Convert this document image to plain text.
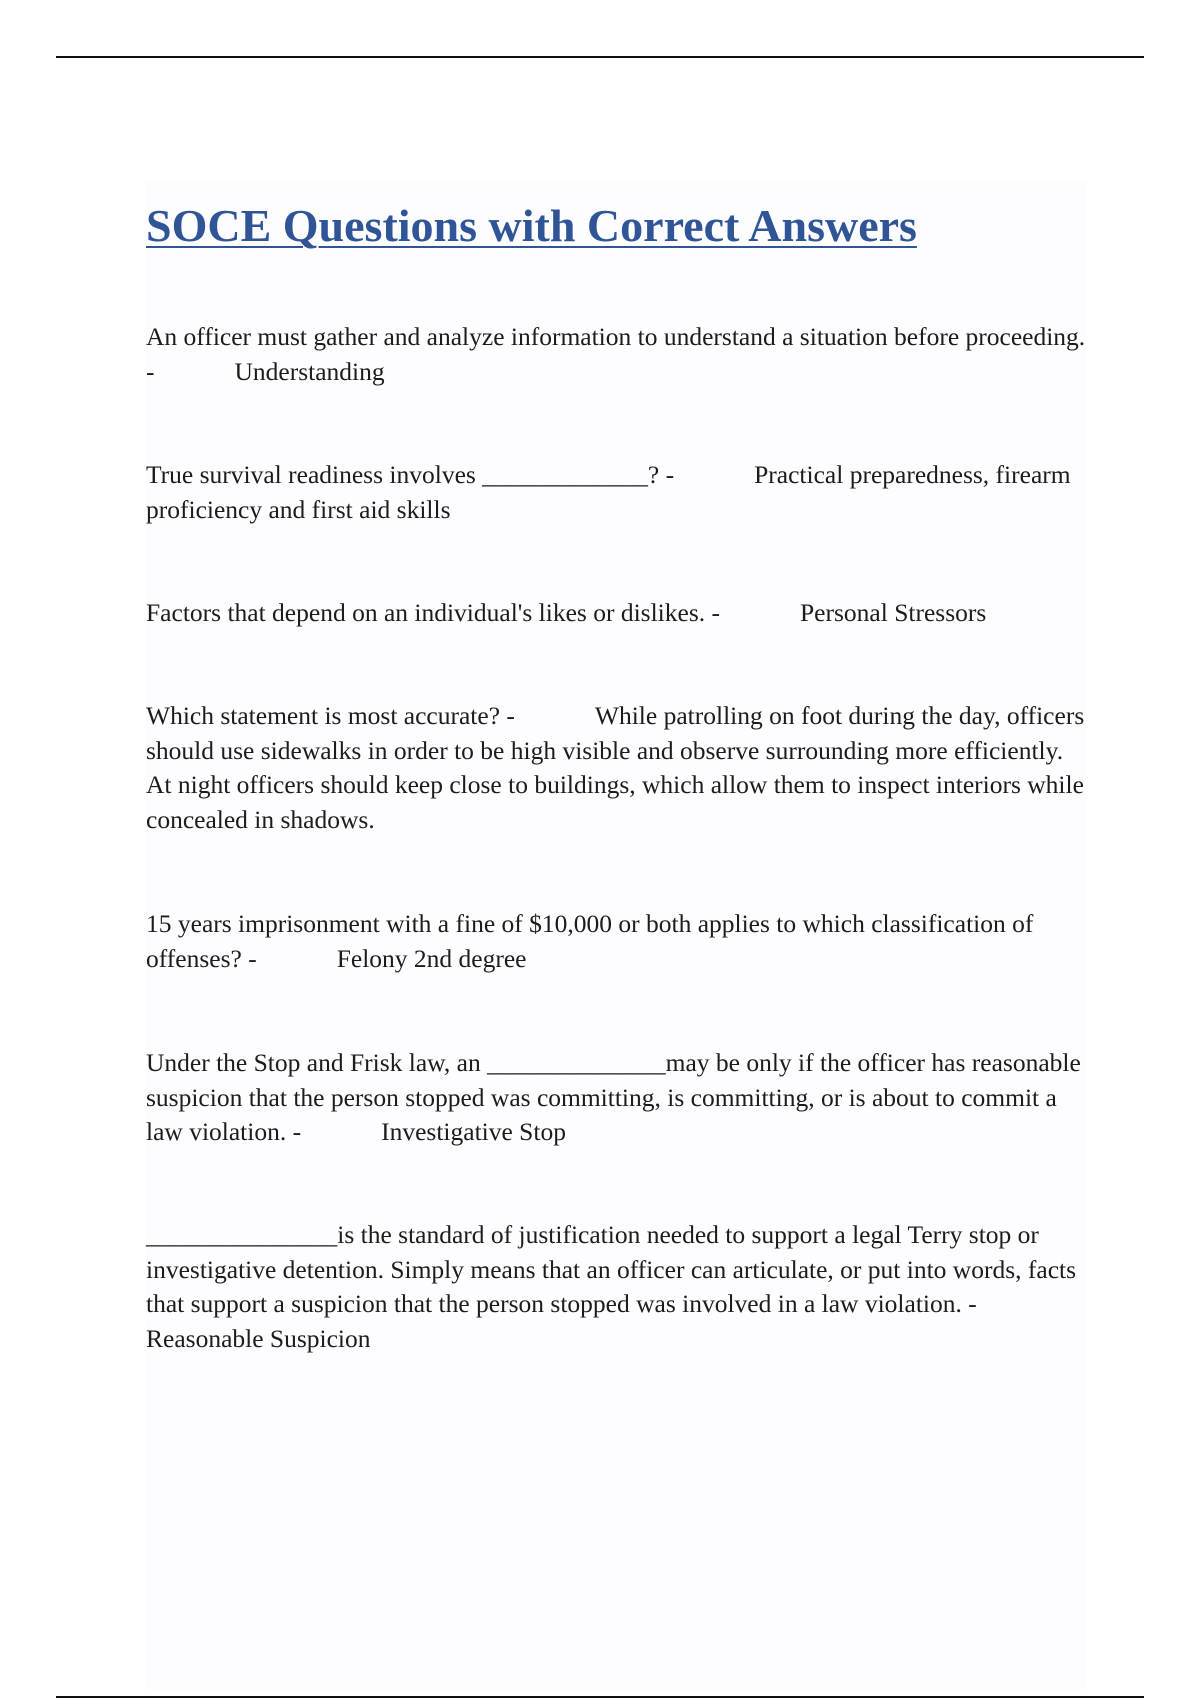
SOCE Questions with Correct Answers

An officer must gather and analyze information to understand a situation before proceeding. -	Understanding

True survival readiness involves _____________? -	Practical preparedness, firearm proficiency and first aid skills

Factors that depend on an individual's likes or dislikes. -	Personal Stressors

Which statement is most accurate? -	While patrolling on foot during the day, officers should use sidewalks in order to be high visible and observe surrounding more efficiently. At night officers should keep close to buildings, which allow them to inspect interiors while concealed in shadows.

15 years imprisonment with a fine of $10,000 or both applies to which classification of offenses? -	Felony 2nd degree

Under the Stop and Frisk law, an ______________may be only if the officer has reasonable suspicion that the person stopped was committing, is committing, or is about to commit a law violation. -	Investigative Stop

_______________is the standard of justification needed to support a legal Terry stop or investigative detention. Simply means that an officer can articulate, or put into words, facts that support a suspicion that the person stopped was involved in a law violation. -Reasonable Suspicion
